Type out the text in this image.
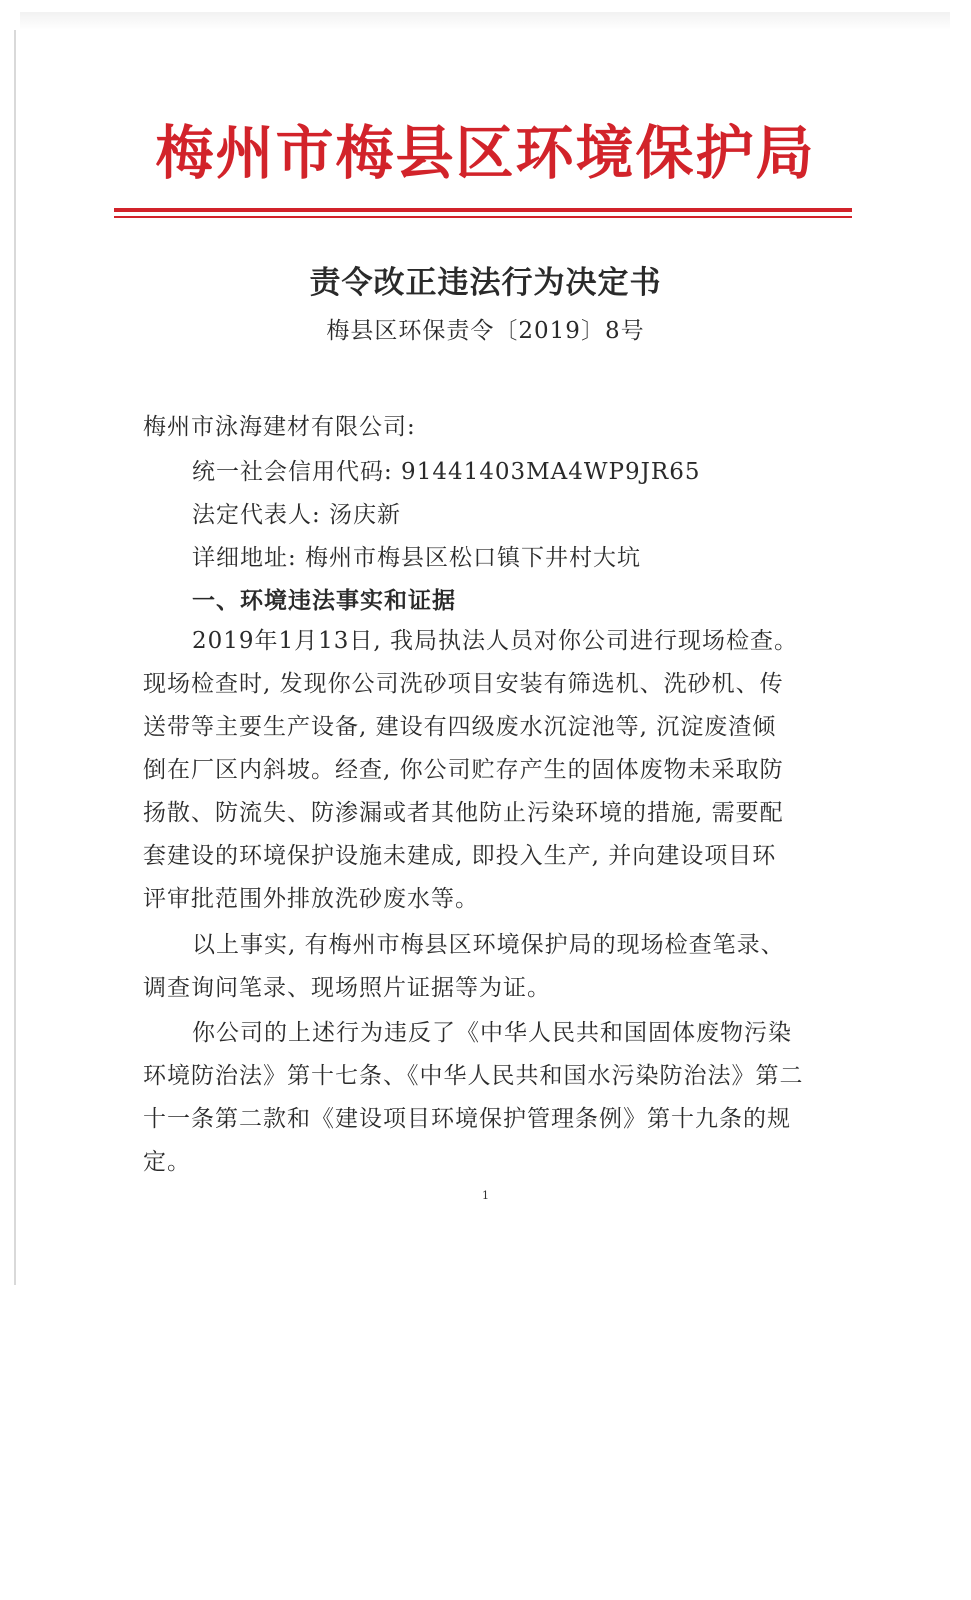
梅州市梅县区环境保护局
责令改正违法行为决定书
梅县区环保责令〔2019〕8号
梅州市泳海建材有限公司:
统一社会信用代码: 91441403MA4WP9JR65
法定代表人: 汤庆新
详细地址: 梅州市梅县区松口镇下井村大坑
一、环境违法事实和证据
2019年1月13日, 我局执法人员对你公司进行现场检查。
现场检查时, 发现你公司洗砂项目安装有筛选机、洗砂机、传
送带等主要生产设备, 建设有四级废水沉淀池等, 沉淀废渣倾
倒在厂区内斜坡。经查, 你公司贮存产生的固体废物未采取防
扬散、防流失、防渗漏或者其他防止污染环境的措施, 需要配
套建设的环境保护设施未建成, 即投入生产, 并向建设项目环
评审批范围外排放洗砂废水等。
以上事实, 有梅州市梅县区环境保护局的现场检查笔录、
调查询问笔录、现场照片证据等为证。
你公司的上述行为违反了《中华人民共和国固体废物污染
环境防治法》第十七条、《中华人民共和国水污染防治法》第二
十一条第二款和《建设项目环境保护管理条例》第十九条的规
定。
1
